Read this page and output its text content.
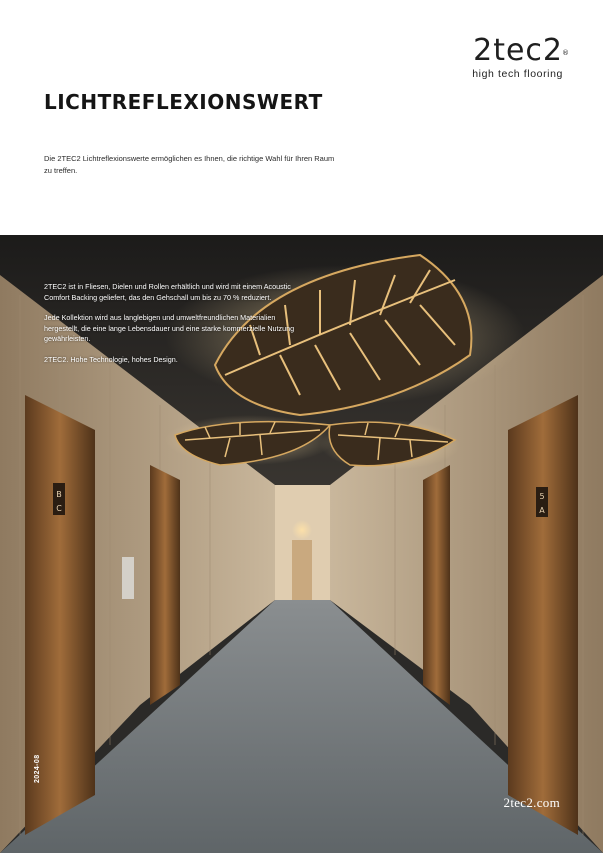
2tec2 ®
high tech flooring
LICHTREFLEXIONSWERT

Die 2TEC2 Lichtreflexionswerte ermöglichen es Ihnen, die richtige Wahl für Ihren Raum zu treffen.

B
C
5
A

2TEC2 ist in Fliesen, Dielen und Rollen erhältlich und wird mit einem Acoustic Comfort Backing geliefert, das den Gehschall um bis zu 70 % reduziert.

Jede Kollektion wird aus langlebigen und umweltfreundlichen Materialien hergestellt, die eine lange Lebensdauer und eine starke kommerzielle Nutzung gewährleisten.

2TEC2. Hohe Technologie, hohes Design.

2024-08
2tec2.com
